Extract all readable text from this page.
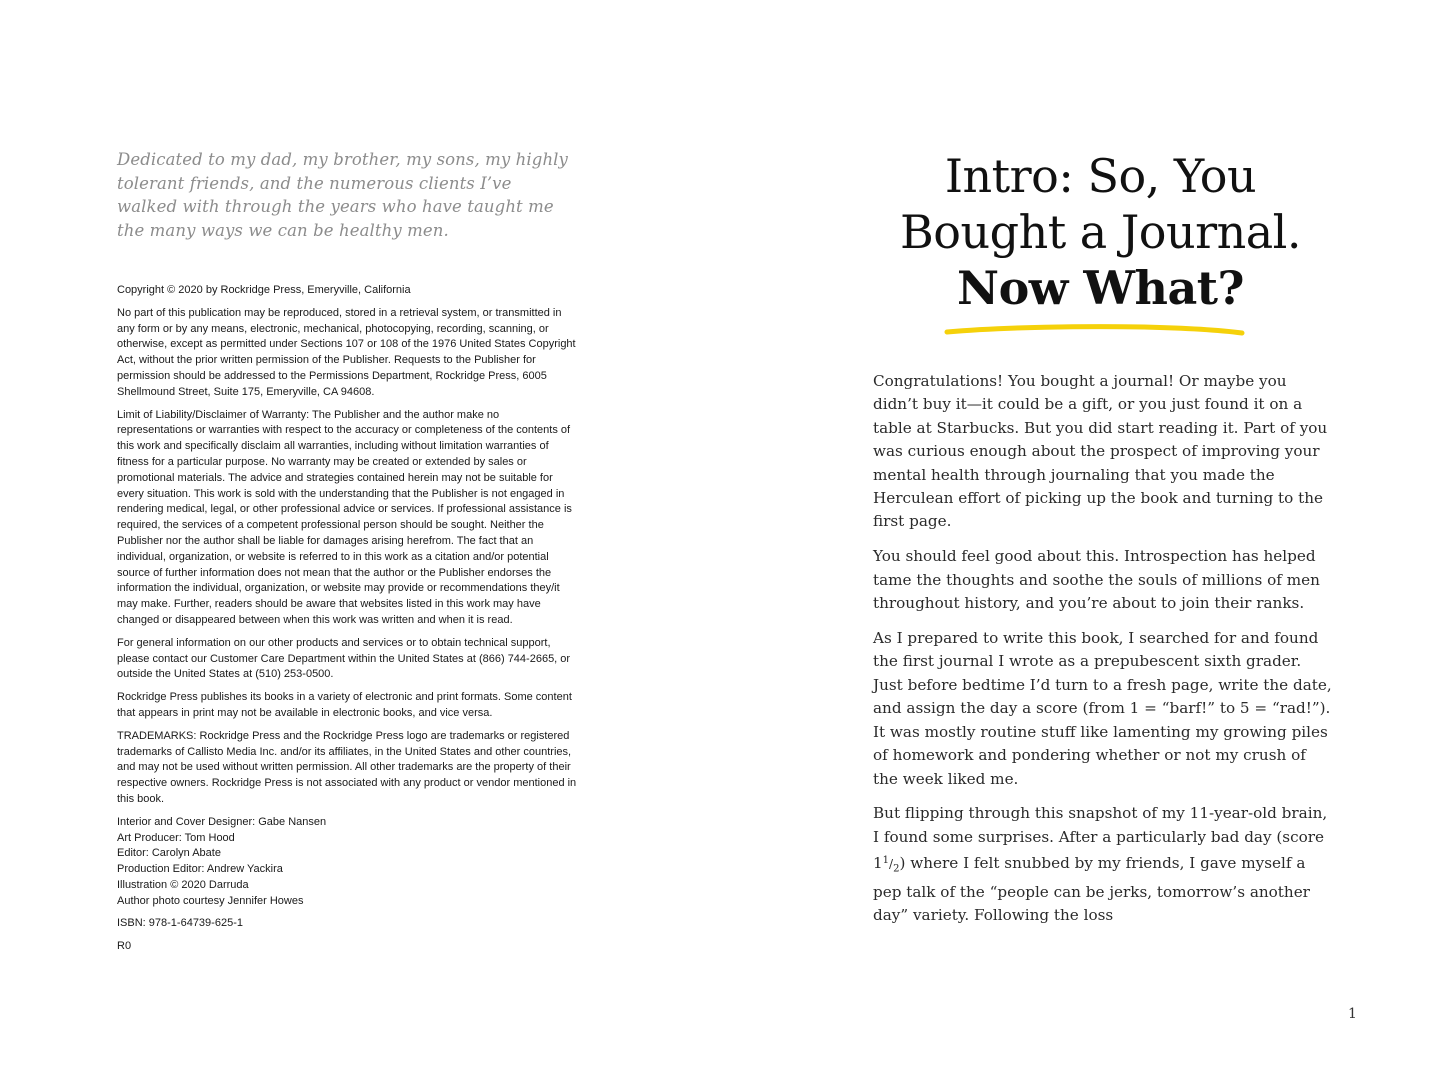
Dedicated to my dad, my brother, my sons, my highly tolerant friends, and the numerous clients I’ve walked with through the years who have taught me the many ways we can be healthy men.

Copyright © 2020 by Rockridge Press, Emeryville, California

No part of this publication may be reproduced, stored in a retrieval system, or transmitted in any form or by any means, electronic, mechanical, photocopying, recording, scanning, or otherwise, except as permitted under Sections 107 or 108 of the 1976 United States Copyright Act, without the prior written permission of the Publisher. Requests to the Publisher for permission should be addressed to the Permissions Department, Rockridge Press, 6005 Shellmound Street, Suite 175, Emeryville, CA 94608.

Limit of Liability/Disclaimer of Warranty: The Publisher and the author make no representations or warranties with respect to the accuracy or completeness of the contents of this work and specifically disclaim all warranties, including without limitation warranties of fitness for a particular purpose. No warranty may be created or extended by sales or promotional materials. The advice and strategies contained herein may not be suitable for every situation. This work is sold with the understanding that the Publisher is not engaged in rendering medical, legal, or other professional advice or services. If professional assistance is required, the services of a competent professional person should be sought. Neither the Publisher nor the author shall be liable for damages arising herefrom. The fact that an individual, organization, or website is referred to in this work as a citation and/or potential source of further information does not mean that the author or the Publisher endorses the information the individual, organization, or website may provide or recommendations they/it may make. Further, readers should be aware that websites listed in this work may have changed or disappeared between when this work was written and when it is read.

For general information on our other products and services or to obtain technical support, please contact our Customer Care Department within the United States at (866) 744-2665, or outside the United States at (510) 253-0500.

Rockridge Press publishes its books in a variety of electronic and print formats. Some content that appears in print may not be available in electronic books, and vice versa.

TRADEMARKS: Rockridge Press and the Rockridge Press logo are trademarks or registered trademarks of Callisto Media Inc. and/or its affiliates, in the United States and other countries, and may not be used without written permission. All other trademarks are the property of their respective owners. Rockridge Press is not associated with any product or vendor mentioned in this book.

Interior and Cover Designer: Gabe Nansen
Art Producer: Tom Hood
Editor: Carolyn Abate
Production Editor: Andrew Yackira
Illustration © 2020 Darruda
Author photo courtesy Jennifer Howes

ISBN: 978-1-64739-625-1

R0

Intro: So, You
Bought a Journal.
Now What?

Congratulations! You bought a journal! Or maybe you didn’t buy it—it could be a gift, or you just found it on a table at Starbucks. But you did start reading it. Part of you was curious enough about the prospect of improving your mental health through journaling that you made the Herculean effort of picking up the book and turning to the first page.

You should feel good about this. Introspection has helped tame the thoughts and soothe the souls of millions of men throughout history, and you’re about to join their ranks.

As I prepared to write this book, I searched for and found the first journal I wrote as a prepubescent sixth grader. Just before bedtime I’d turn to a fresh page, write the date, and assign the day a score (from 1 = “barf!” to 5 = “rad!”). It was mostly routine stuff like lamenting my growing piles of homework and pondering whether or not my crush of the week liked me.

But flipping through this snapshot of my 11-year-old brain, I found some surprises. After a particularly bad day (score $1^1/_2$) where I felt snubbed by my friends, I gave myself a pep talk of the “people can be jerks, tomorrow’s another day” variety. Following the loss

1
